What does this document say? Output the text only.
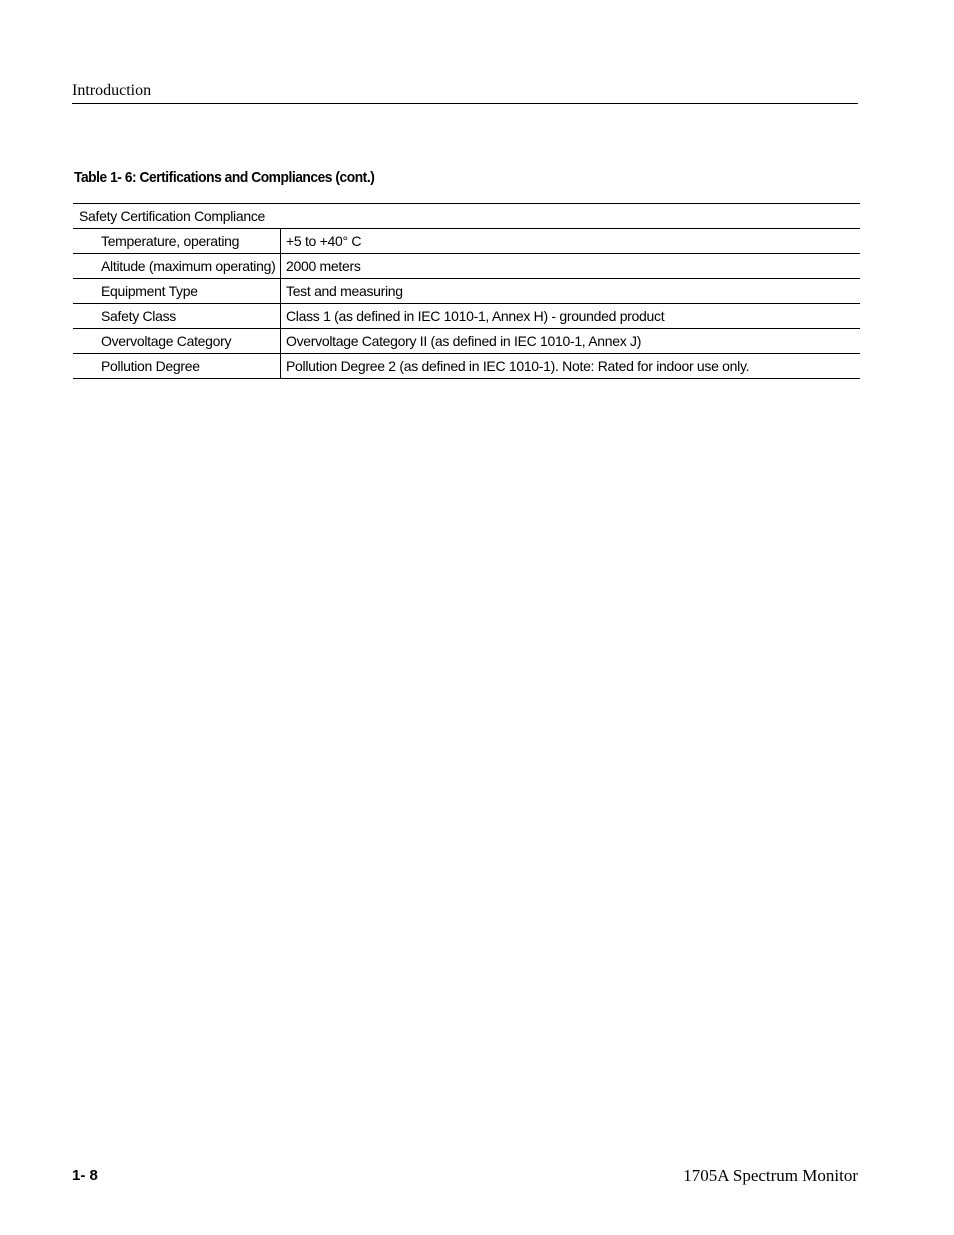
Introduction
Table 1- 6: Certifications and Compliances (cont.)
Safety Certification Compliance	
Temperature, operating	+5 to +40° C
Altitude (maximum operating)	2000 meters
Equipment Type	Test and measuring
Safety Class	Class 1 (as defined in IEC 1010-1, Annex H) - grounded product
Overvoltage Category	Overvoltage Category II (as defined in IEC 1010-1, Annex J)
Pollution Degree	Pollution Degree 2 (as defined in IEC 1010-1). Note: Rated for indoor use only.
1- 8	1705A Spectrum Monitor
